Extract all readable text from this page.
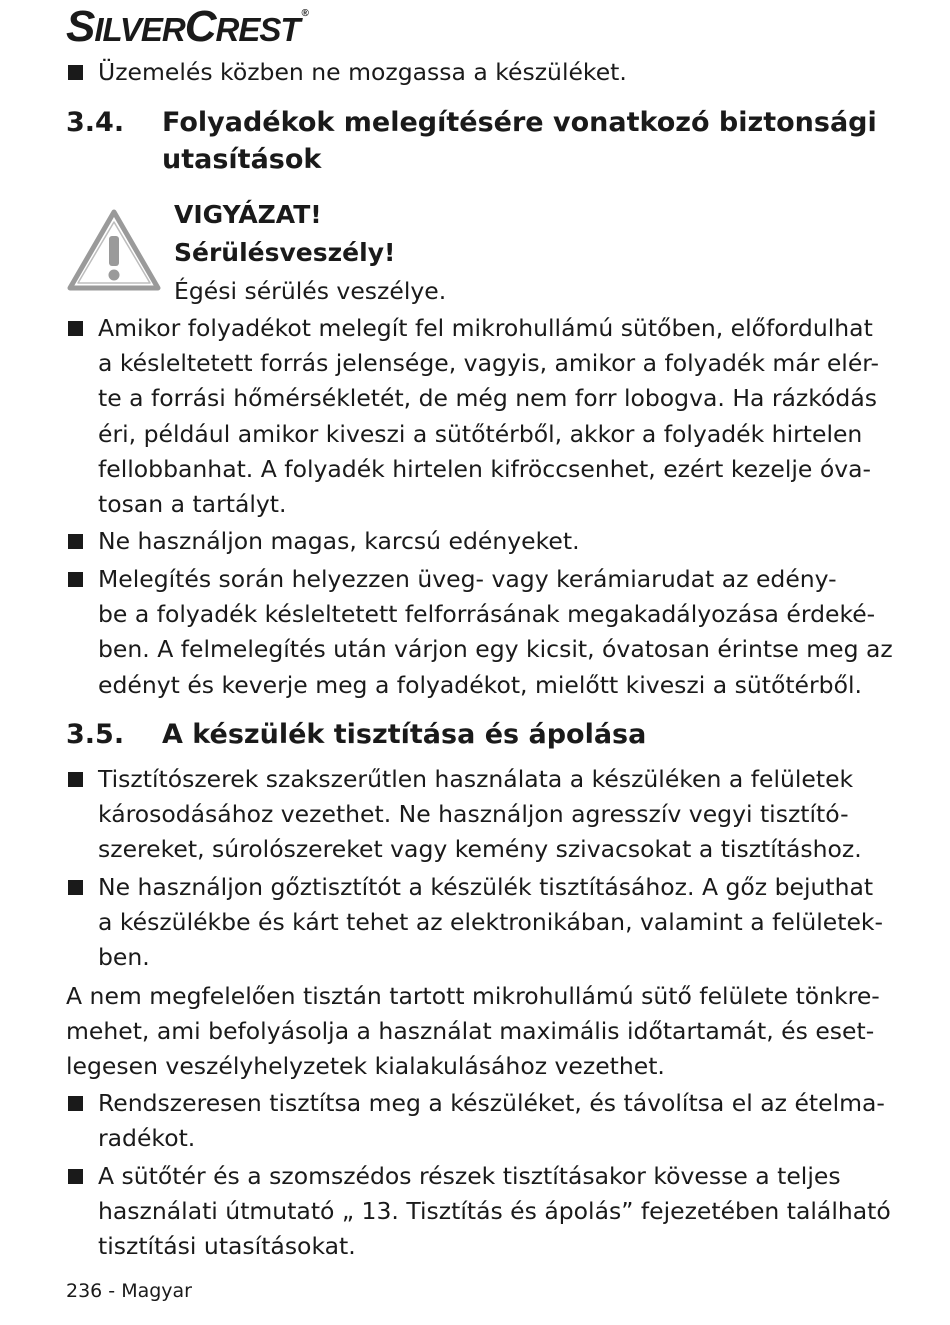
SILVERCREST ®
Üzemelés közben ne mozgassa a készüléket.
3.4. Folyadékok melegítésére vonatkozó biztonsági
utasítások
VIGYÁZAT!
Sérülésveszély!
Égési sérülés veszélye.
Amikor folyadékot melegít fel mikrohullámú sütőben, előfordulhat
a késleltetett forrás jelensége, vagyis, amikor a folyadék már elér-
te a forrási hőmérsékletét, de még nem forr lobogva. Ha rázkódás
éri, például amikor kiveszi a sütőtérből, akkor a folyadék hirtelen
fellobbanhat. A folyadék hirtelen kifröccsenhet, ezért kezelje óva-
tosan a tartályt.
Ne használjon magas, karcsú edényeket.
Melegítés során helyezzen üveg- vagy kerámiarudat az edény-
be a folyadék késleltetett felforrásának megakadályozása érdeké-
ben. A felmelegítés után várjon egy kicsit, óvatosan érintse meg az
edényt és keverje meg a folyadékot, mielőtt kiveszi a sütőtérből.
3.5. A készülék tisztítása és ápolása
Tisztítószerek szakszerűtlen használata a készüléken a felületek
károsodásához vezethet. Ne használjon agresszív vegyi tisztító-
szereket, súrolószereket vagy kemény szivacsokat a tisztításhoz.
Ne használjon gőztisztítót a készülék tisztításához. A gőz bejuthat
a készülékbe és kárt tehet az elektronikában, valamint a felületek-
ben.
A nem megfelelően tisztán tartott mikrohullámú sütő felülete tönkre-
mehet, ami befolyásolja a használat maximális időtartamát, és eset-
legesen veszélyhelyzetek kialakulásához vezethet.
Rendszeresen tisztítsa meg a készüléket, és távolítsa el az ételma-
radékot.
A sütőtér és a szomszédos részek tisztításakor kövesse a teljes
használati útmutató „ 13. Tisztítás és ápolás” fejezetében található
tisztítási utasításokat.
236 - Magyar
